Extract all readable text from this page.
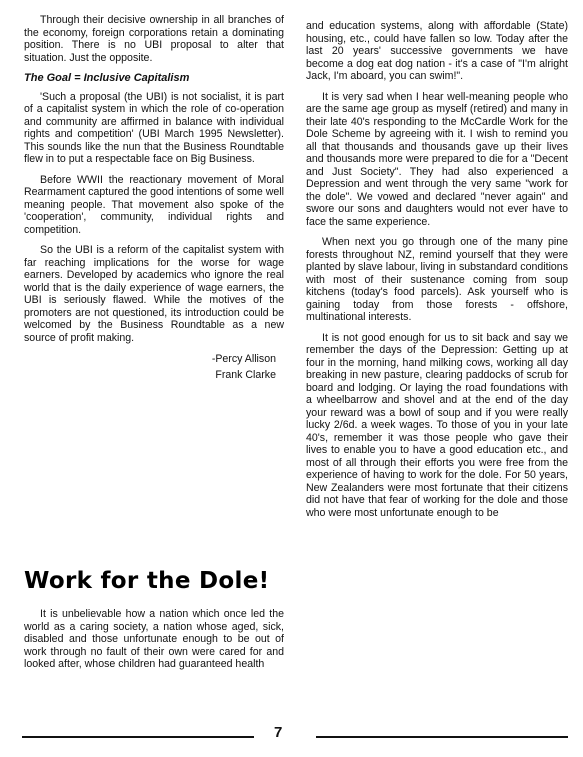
Through their decisive ownership in all branches of the economy, foreign corporations retain a dominating position. There is no UBI proposal to alter that situation. Just the opposite.

The Goal = Inclusive Capitalism

'Such a proposal (the UBI) is not socialist, it is part of a capitalist system in which the role of co-operation and community are affirmed in balance with individual rights and competition' (UBI March 1995 Newsletter). This sounds like the nun that the Business Roundtable flew in to put a respectable face on Big Business.

Before WWII the reactionary movement of Moral Rearmament captured the good intentions of some well meaning people. That movement also spoke of the 'cooperation', community, individual rights and competition.

So the UBI is a reform of the capitalist system with far reaching implications for the worse for wage earners. Developed by academics who ignore the real world that is the daily experience of wage earners, the UBI is seriously flawed. While the motives of the promoters are not questioned, its introduction could be welcomed by the Business Roundtable as a new source of profit making.

-Percy Allison
Frank Clarke
Work for the Dole!

It is unbelievable how a nation which once led the world as a caring society, a nation whose aged, sick, disabled and those unfortunate enough to be out of work through no fault of their own were cared for and looked after, whose children had guaranteed health

and education systems, along with affordable (State) housing, etc., could have fallen so low. Today after the last 20 years' successive governments we have become a dog eat dog nation - it's a case of "I'm alright Jack, I'm aboard, you can swim!".

It is very sad when I hear well-meaning people who are the same age group as myself (retired) and many in their late 40's responding to the McCardle Work for the Dole Scheme by agreeing with it. I wish to remind you all that thousands and thousands gave up their lives and thousands more were prepared to die for a "Decent and Just Society". They had also experienced a Depression and went through the very same "work for the dole". We vowed and declared "never again" and swore our sons and daughters would not ever have to face the same experience.

When next you go through one of the many pine forests throughout NZ, remind yourself that they were planted by slave labour, living in substandard conditions with most of their sustenance coming from soup kitchens (today's food parcels). Ask yourself who is gaining today from those forests - offshore, multinational interests.

It is not good enough for us to sit back and say we remember the days of the Depression: Getting up at four in the morning, hand milking cows, working all day breaking in new pasture, clearing paddocks of scrub for board and lodging. Or laying the road foundations with a wheelbarrow and shovel and at the end of the day your reward was a bowl of soup and if you were really lucky 2/6d. a week wages. To those of you in your late 40's, remember it was those people who gave their lives to enable you to have a good education etc., and most of all through their efforts you were free from the experience of having to work for the dole. For 50 years, New Zealanders were most fortunate that their citizens did not have that fear of working for the dole and those who were most unfortunate enough to be

7
